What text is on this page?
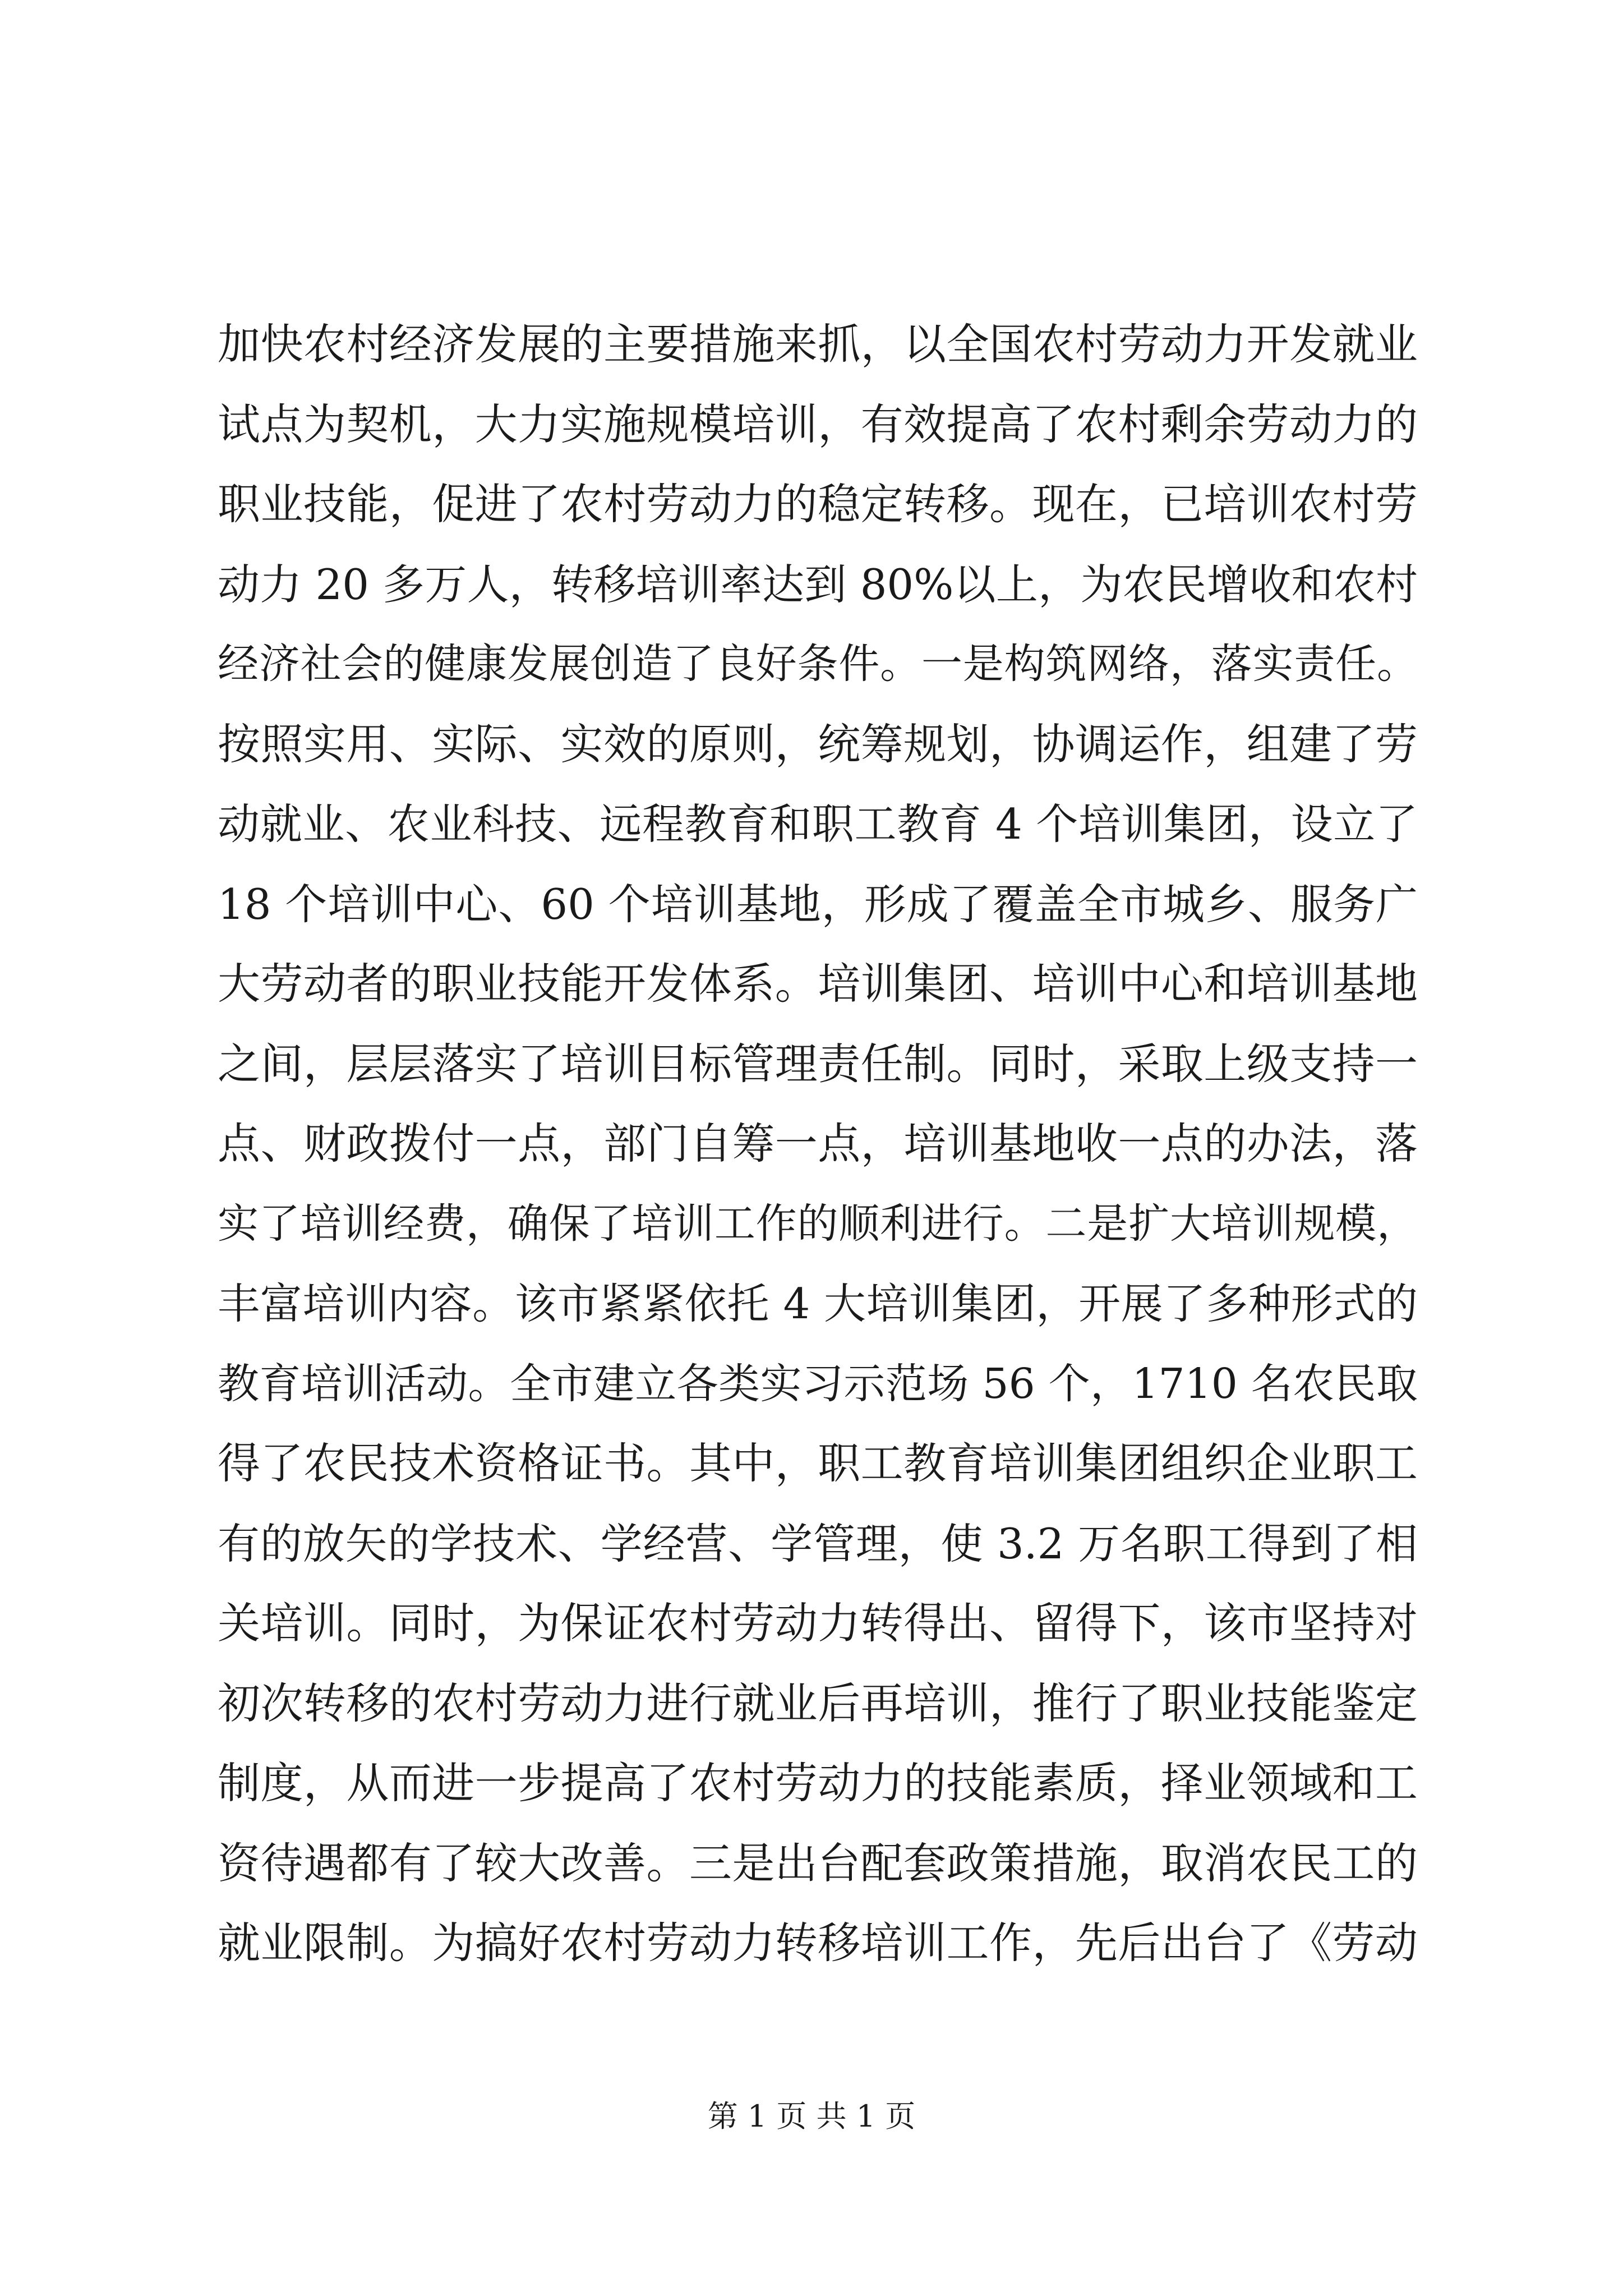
加快农村经济发展的主要措施来抓，以全国农村劳动力开发就业
试点为契机，大力实施规模培训，有效提高了农村剩余劳动力的
职业技能，促进了农村劳动力的稳定转移。现在，已培训农村劳
动力 20 多万人，转移培训率达到 80%以上，为农民增收和农村
经济社会的健康发展创造了良好条件。一是构筑网络，落实责任。
按照实用、实际、实效的原则，统筹规划，协调运作，组建了劳
动就业、农业科技、远程教育和职工教育 4 个培训集团，设立了
18 个培训中心、60 个培训基地，形成了覆盖全市城乡、服务广
大劳动者的职业技能开发体系。培训集团、培训中心和培训基地
之间，层层落实了培训目标管理责任制。同时，采取上级支持一
点、财政拨付一点，部门自筹一点，培训基地收一点的办法，落
实了培训经费，确保了培训工作的顺利进行。二是扩大培训规模，
丰富培训内容。该市紧紧依托 4 大培训集团，开展了多种形式的
教育培训活动。全市建立各类实习示范场 56 个，1710 名农民取
得了农民技术资格证书。其中，职工教育培训集团组织企业职工
有的放矢的学技术、学经营、学管理，使 3.2 万名职工得到了相
关培训。同时，为保证农村劳动力转得出、留得下，该市坚持对
初次转移的农村劳动力进行就业后再培训，推行了职业技能鉴定
制度，从而进一步提高了农村劳动力的技能素质，择业领域和工
资待遇都有了较大改善。三是出台配套政策措施，取消农民工的
就业限制。为搞好农村劳动力转移培训工作，先后出台了《劳动
第 1 页 共 1 页
